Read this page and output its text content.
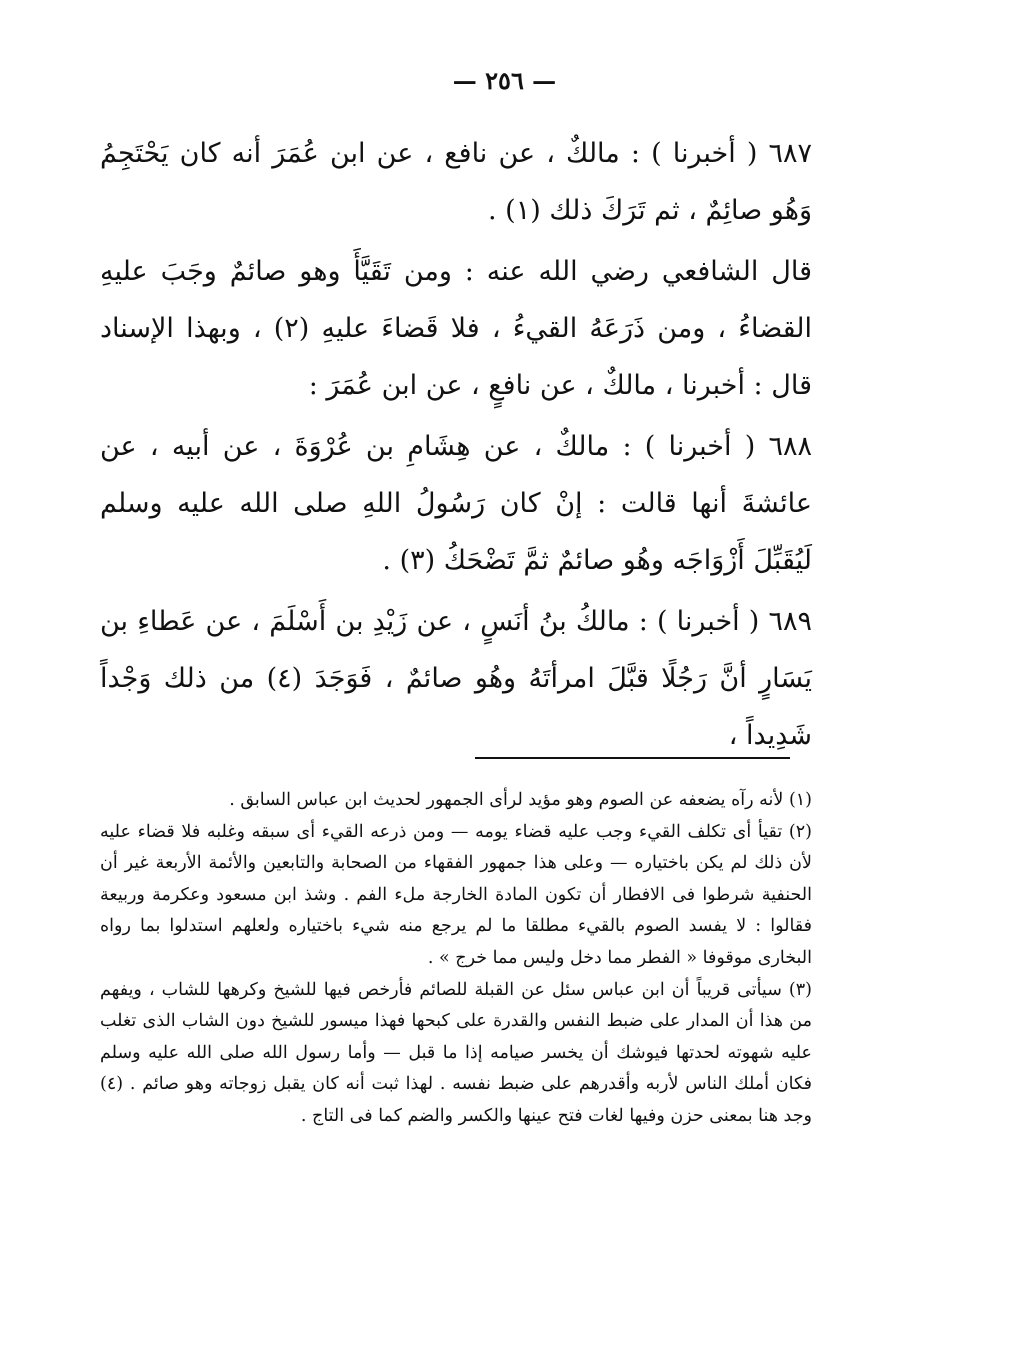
— ٢٥٦ —

٦٨٧ ( أخبرنا ) : مالكٌ ، عن نافع ، عن ابن عُمَرَ أنه كان يَحْتَجِمُ وَهُو صائِمٌ ، ثم تَرَكَ ذلك (١) .

قال الشافعي رضي الله عنه : ومن تَقَيَّأَ وهو صائمٌ وجَبَ عليهِ القضاءُ ، ومن ذَرَعَهُ القيءُ ، فلا قَضاءَ عليهِ (٢) ، وبهذا الإسناد قال : أخبرنا ، مالكٌ ، عن نافعٍ ، عن ابن عُمَرَ :

٦٨٨ ( أخبرنا ) : مالكٌ ، عن هِشَامِ بن عُرْوَةَ ، عن أبيه ، عن عائشةَ أنها قالت : إنْ كان رَسُولُ اللهِ صلى الله عليه وسلم لَيُقَبِّلَ أَزْوَاجَه وهُو صائمٌ ثمَّ تَضْحَكُ (٣) .

٦٨٩ ( أخبرنا ) : مالكُ بنُ أنَسٍ ، عن زَيْدِ بن أَسْلَمَ ، عن عَطاءِ بن يَسَارٍ أنَّ رَجُلًا قبَّلَ امرأتَهُ وهُو صائمٌ ، فَوَجَدَ (٤) من ذلك وَجْداً شَدِيداً ،

(١) لأنه رآه يضعفه عن الصوم وهو مؤيد لرأى الجمهور لحديث ابن عباس السابق .

(٢) تقيأ أى تكلف القيء وجب عليه قضاء يومه — ومن ذرعه القيء أى سبقه وغلبه فلا قضاء عليه لأن ذلك لم يكن باختياره — وعلى هذا جمهور الفقهاء من الصحابة والتابعين والأئمة الأربعة غير أن الحنفية شرطوا فى الافطار أن تكون المادة الخارجة ملء الفم . وشذ ابن مسعود وعكرمة وربيعة فقالوا : لا يفسد الصوم بالقيء مطلقا ما لم يرجع منه شيء باختياره ولعلهم استدلوا بما رواه البخارى موقوفا « الفطر مما دخل وليس مما خرج » .

(٣) سيأتى قريباً أن ابن عباس سئل عن القبلة للصائم فأرخص فيها للشيخ وكرهها للشاب ، ويفهم من هذا أن المدار على ضبط النفس والقدرة على كبحها فهذا ميسور للشيخ دون الشاب الذى تغلب عليه شهوته لحدتها فيوشك أن يخسر صيامه إذا ما قبل — وأما رسول الله صلى الله عليه وسلم فكان أملك الناس لأربه وأقدرهم على ضبط نفسه . لهذا ثبت أنه كان يقبل زوجاته وهو صائم . (٤) وجد هنا بمعنى حزن وفيها لغات فتح عينها والكسر والضم كما فى التاج .
